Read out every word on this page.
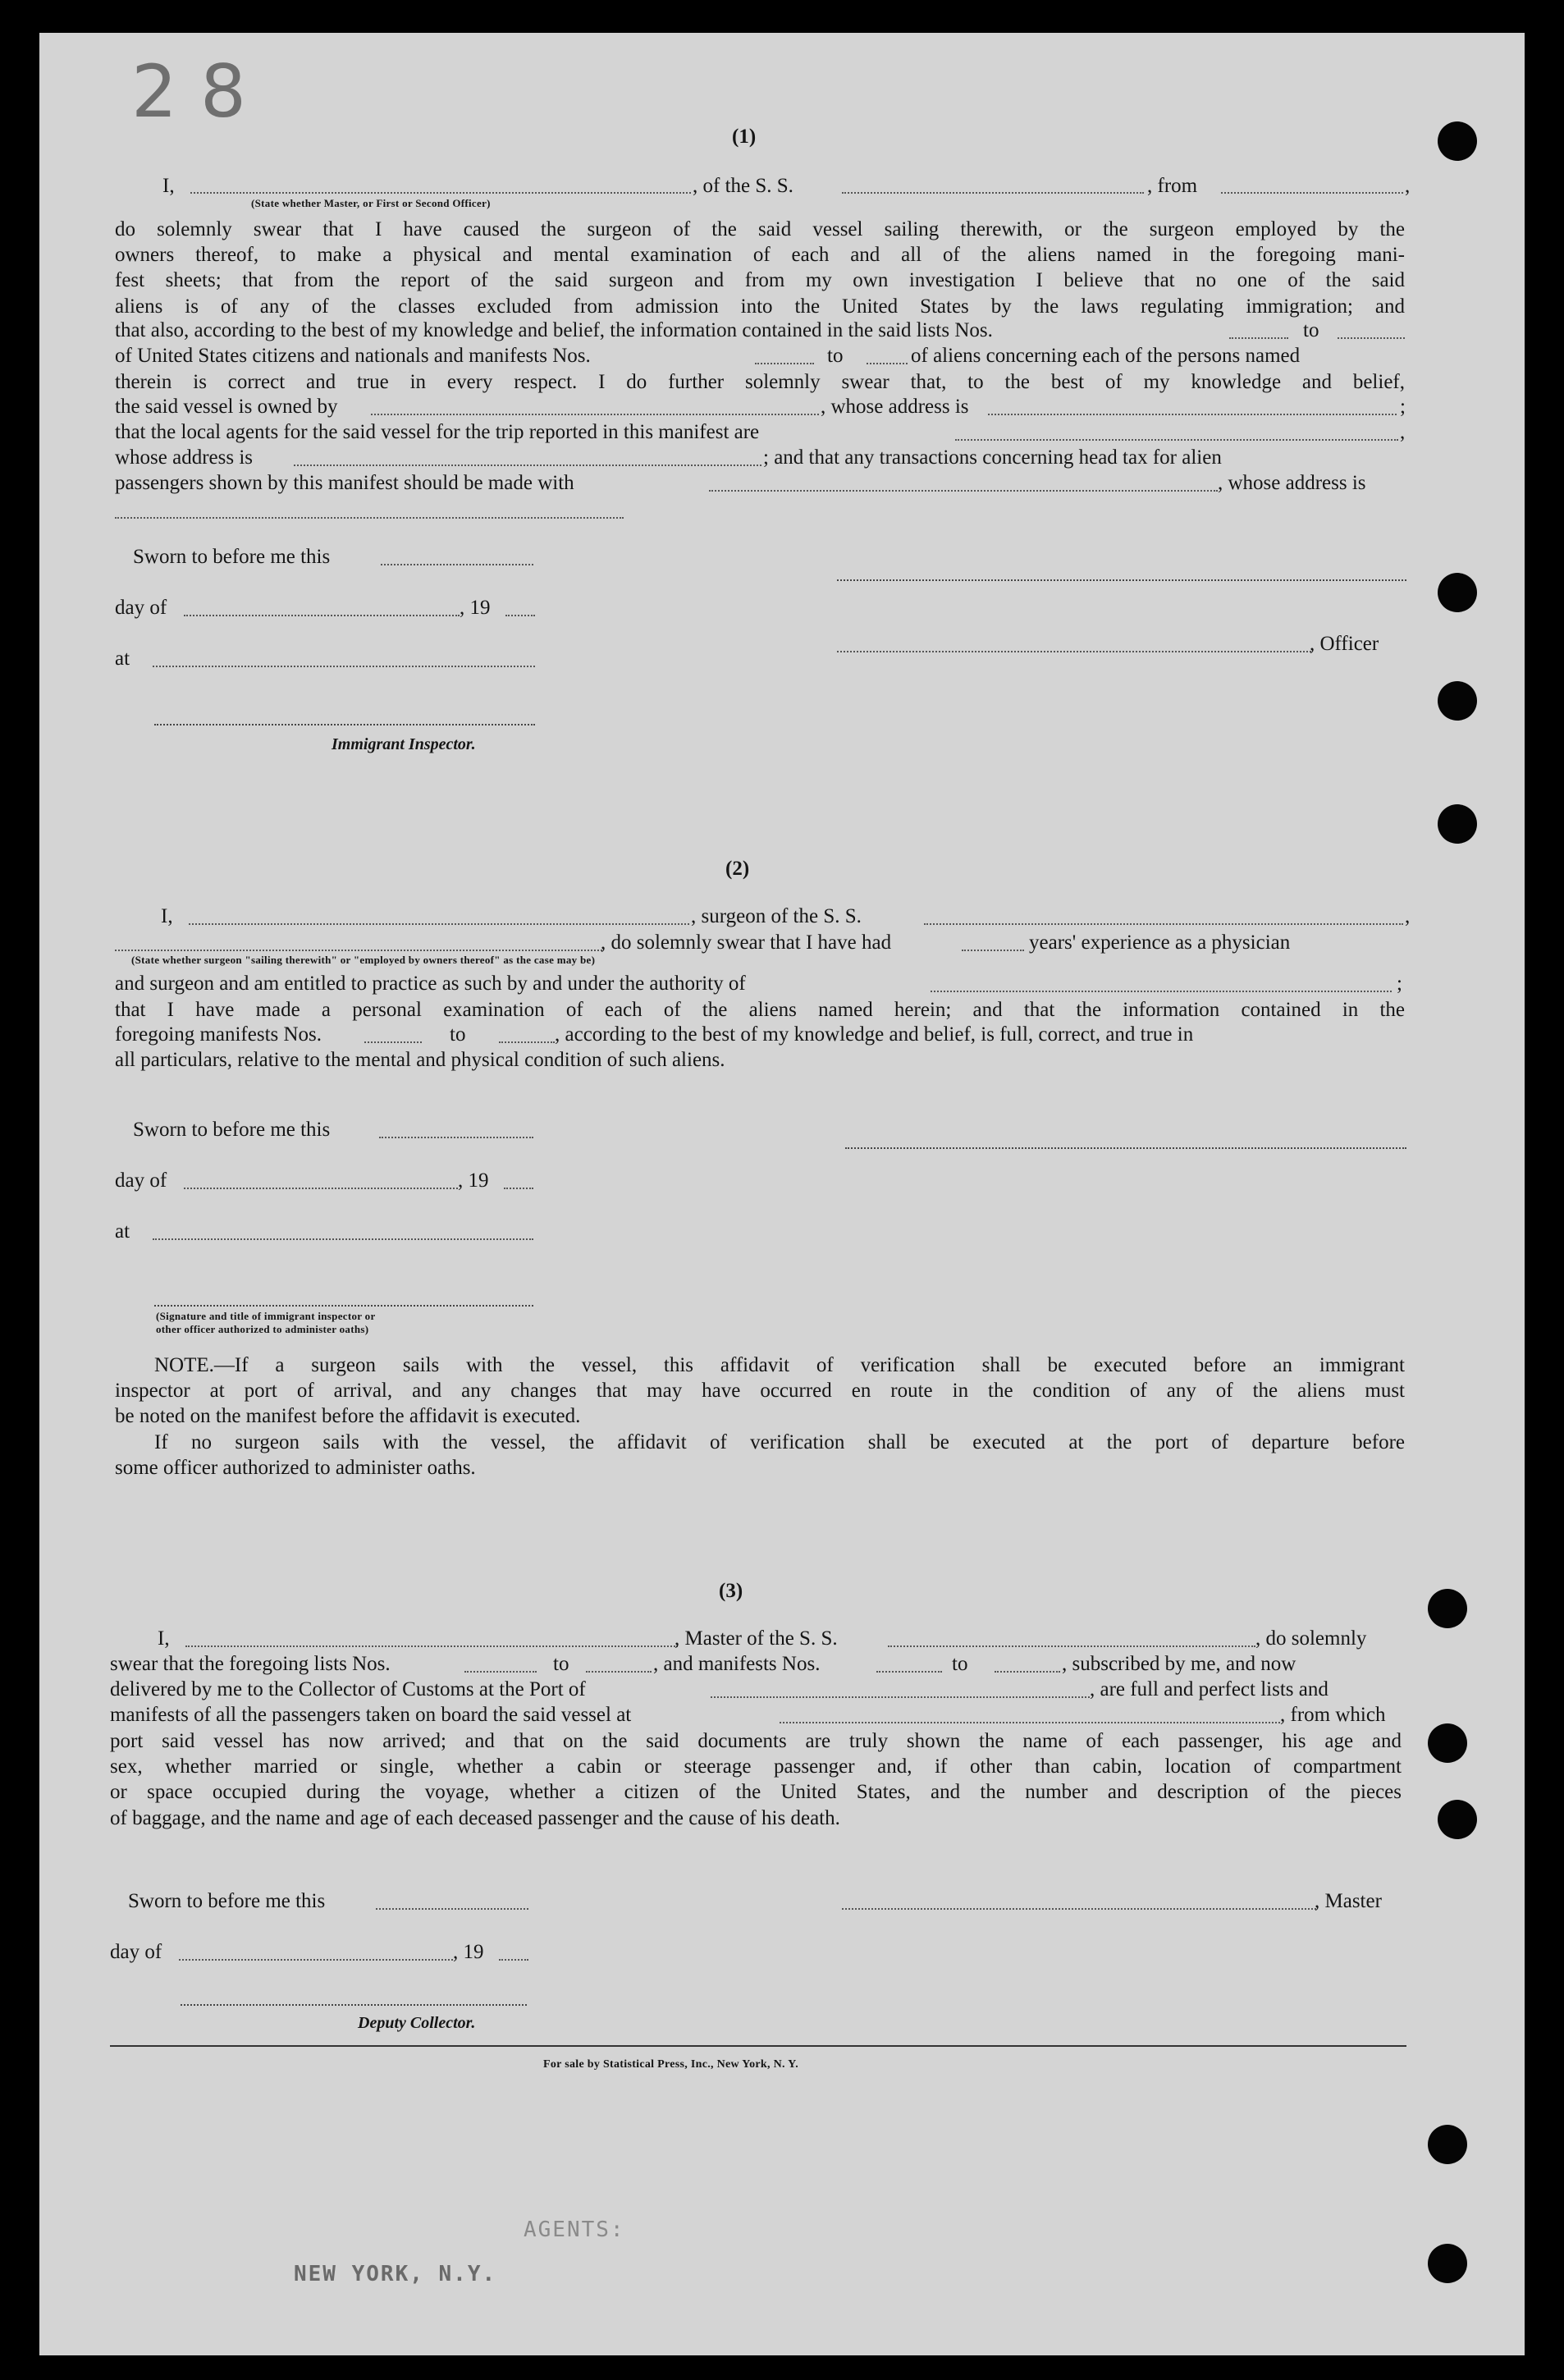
28
(1)
I,	, of the S. S.	, from	,
(State whether Master, or First or Second Officer)
do solemnly swear that I have caused the surgeon of the said vessel sailing therewith, or the surgeon employed by the
owners thereof, to make a physical and mental examination of each and all of the aliens named in the foregoing mani-
fest sheets; that from the report of the said surgeon and from my own investigation I believe that no one of the said
aliens is of any of the classes excluded from admission into the United States by the laws regulating immigration; and
that also, according to the best of my knowledge and belief, the information contained in the said lists Nos.	to
of United States citizens and nationals and manifests Nos.	to	of aliens concerning each of the persons named
therein is correct and true in every respect. I do further solemnly swear that, to the best of my knowledge and belief,
the said vessel is owned by	, whose address is	;
that the local agents for the said vessel for the trip reported in this manifest are	,
whose address is	; and that any transactions concerning head tax for alien
passengers shown by this manifest should be made with	, whose address is
Sworn to before me this
day of	, 19
, Officer
at
Immigrant Inspector.
(2)
I,	, surgeon of the S. S.	,
, do solemnly swear that I have had	years' experience as a physician
(State whether surgeon "sailing therewith" or "employed by owners thereof" as the case may be)
and surgeon and am entitled to practice as such by and under the authority of	;
that I have made a personal examination of each of the aliens named herein; and that the information contained in the
foregoing manifests Nos.	to	, according to the best of my knowledge and belief, is full, correct, and true in
all particulars, relative to the mental and physical condition of such aliens.
Sworn to before me this
day of	, 19
at
(Signature and title of immigrant inspector or
other officer authorized to administer oaths)
NOTE.—If a surgeon sails with the vessel, this affidavit of verification shall be executed before an immigrant
inspector at port of arrival, and any changes that may have occurred en route in the condition of any of the aliens must
be noted on the manifest before the affidavit is executed.
If no surgeon sails with the vessel, the affidavit of verification shall be executed at the port of departure before
some officer authorized to administer oaths.
(3)
I,	, Master of the S. S.	, do solemnly
swear that the foregoing lists Nos.	to	, and manifests Nos.	to	, subscribed by me, and now
delivered by me to the Collector of Customs at the Port of	, are full and perfect lists and
manifests of all the passengers taken on board the said vessel at	, from which
port said vessel has now arrived; and that on the said documents are truly shown the name of each passenger, his age and
sex, whether married or single, whether a cabin or steerage passenger and, if other than cabin, location of compartment
or space occupied during the voyage, whether a citizen of the United States, and the number and description of the pieces
of baggage, and the name and age of each deceased passenger and the cause of his death.
Sworn to before me this	, Master
day of	, 19
Deputy Collector.
For sale by Statistical Press, Inc., New York, N. Y.
AGENTS:
NEW YORK, N.Y.
